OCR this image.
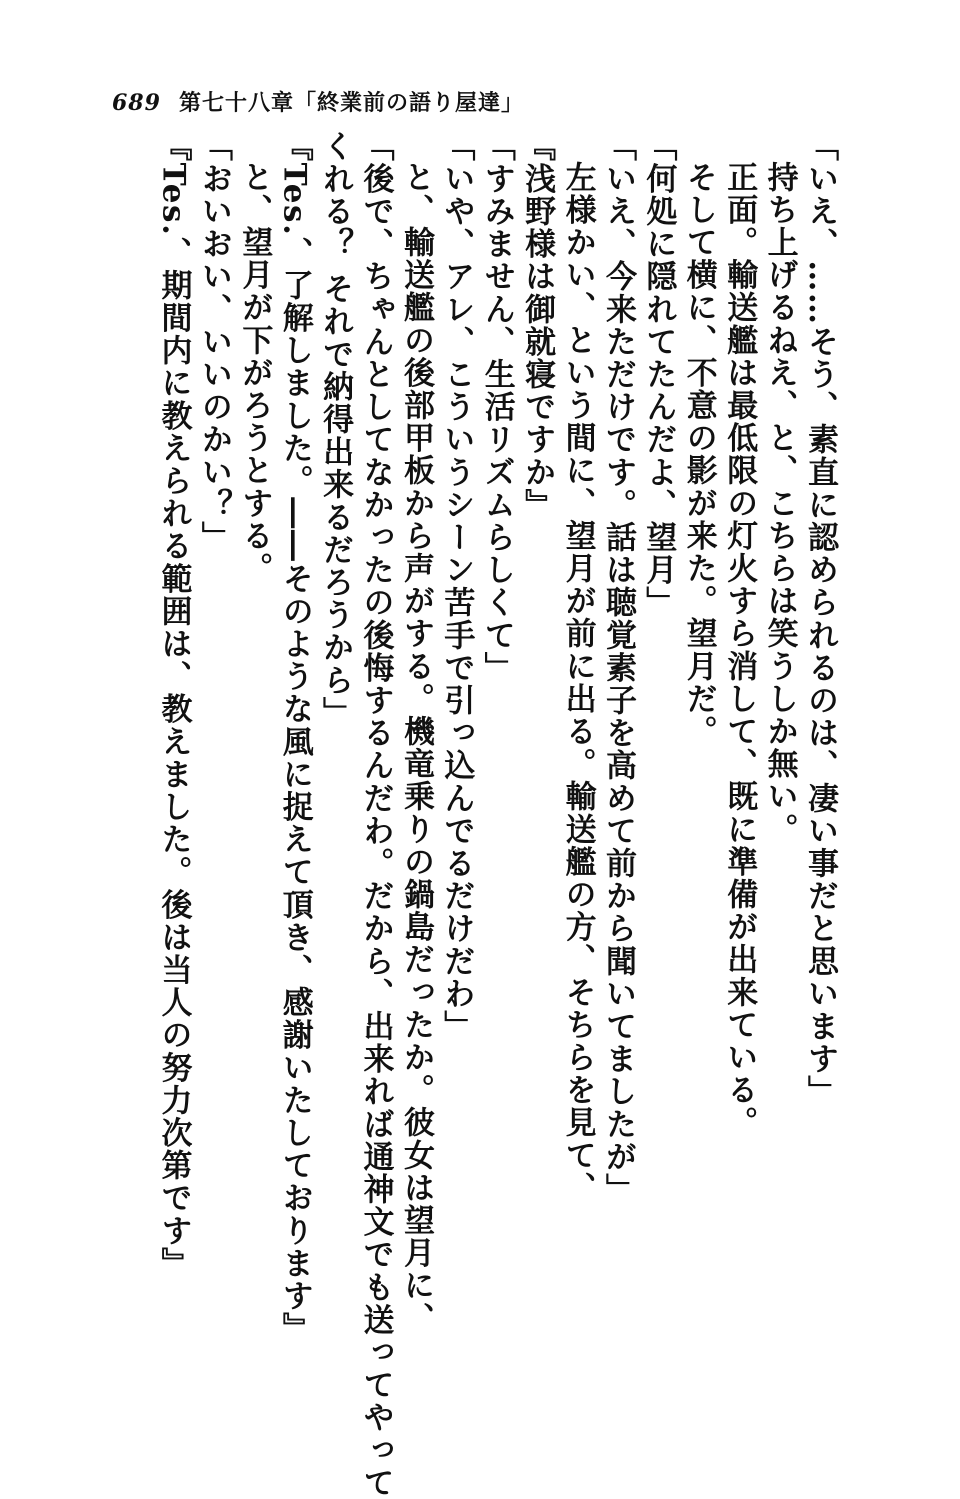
689 第七十八章「終業前の語り屋達」
「いえ、……そう、素直に認められるのは、凄い事だと思います」
持ち上げるねえ、と、こちらは笑うしか無い。
正面。輸送艦は最低限の灯火すら消して、既に準備が出来ている。
そして横に、不意の影が来た。望月だ。
「何処に隠れてたんだよ、望月」
「いえ、今来ただけです。話は聴覚素子を高めて前から聞いてましたが」
左様かい、という間に、望月が前に出る。輸送艦の方、そちらを見て、
『浅野様は御就寝ですか』
「すみません、生活リズムらしくて」
「いや、アレ、こういうシーン苦手で引っ込んでるだけだわ」
と、輸送艦の後部甲板から声がする。機竜乗りの鍋島だったか。彼女は望月に、
「後で、ちゃんとしてなかったの後悔するんだわ。だから、出来れば通神文でも送ってやって
くれる？ それで納得出来るだろうから」
『Tes.、了解しました。――そのような風に捉えて頂き、感謝いたしております』
と、望月が下がろうとする。
「おいおい、いいのかい？」
『Tes.、期間内に教えられる範囲は、教えました。後は当人の努力次第です』
